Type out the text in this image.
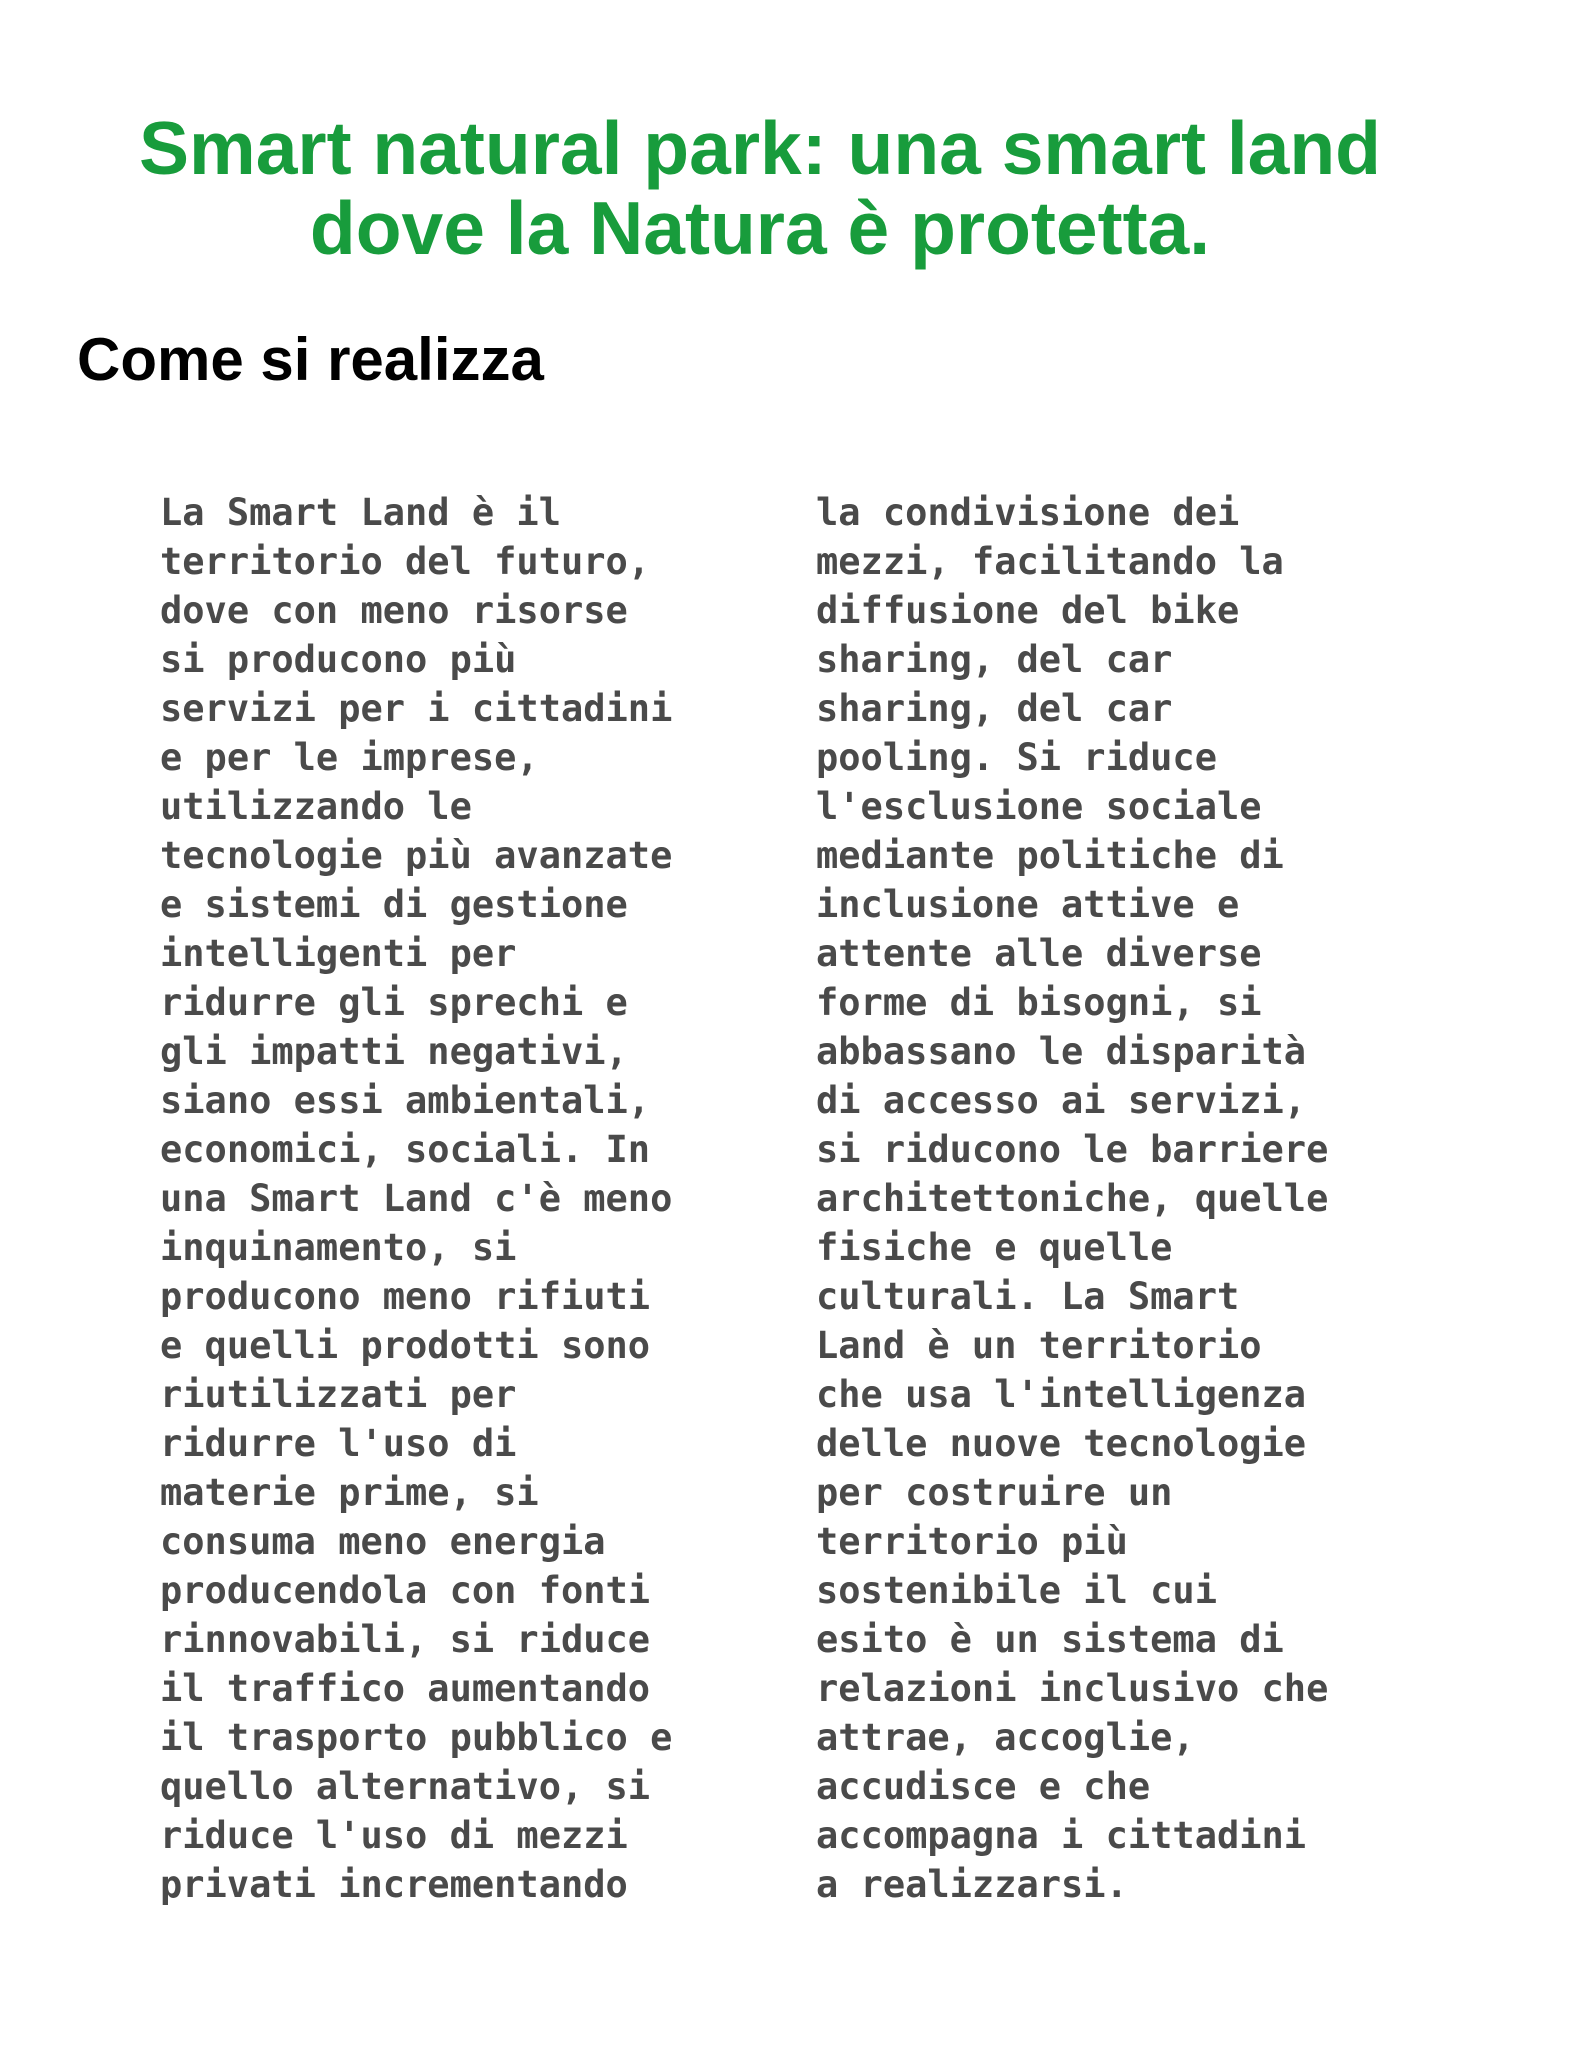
Smart natural park: una smart land
dove la Natura è protetta.
Come si realizza
La Smart Land è il
territorio del futuro,
dove con meno risorse
si producono più
servizi per i cittadini
e per le imprese,
utilizzando le
tecnologie più avanzate
e sistemi di gestione
intelligenti per
ridurre gli sprechi e
gli impatti negativi,
siano essi ambientali,
economici, sociali. In
una Smart Land c'è meno
inquinamento, si
producono meno rifiuti
e quelli prodotti sono
riutilizzati per
ridurre l'uso di
materie prime, si
consuma meno energia
producendola con fonti
rinnovabili, si riduce
il traffico aumentando
il trasporto pubblico e
quello alternativo, si
riduce l'uso di mezzi
privati incrementando
la condivisione dei
mezzi, facilitando la
diffusione del bike
sharing, del car
sharing, del car
pooling. Si riduce
l'esclusione sociale
mediante politiche di
inclusione attive e
attente alle diverse
forme di bisogni, si
abbassano le disparità
di accesso ai servizi,
si riducono le barriere
architettoniche, quelle
fisiche e quelle
culturali. La Smart
Land è un territorio
che usa l'intelligenza
delle nuove tecnologie
per costruire un
territorio più
sostenibile il cui
esito è un sistema di
relazioni inclusivo che
attrae, accoglie,
accudisce e che
accompagna i cittadini
a realizzarsi.
